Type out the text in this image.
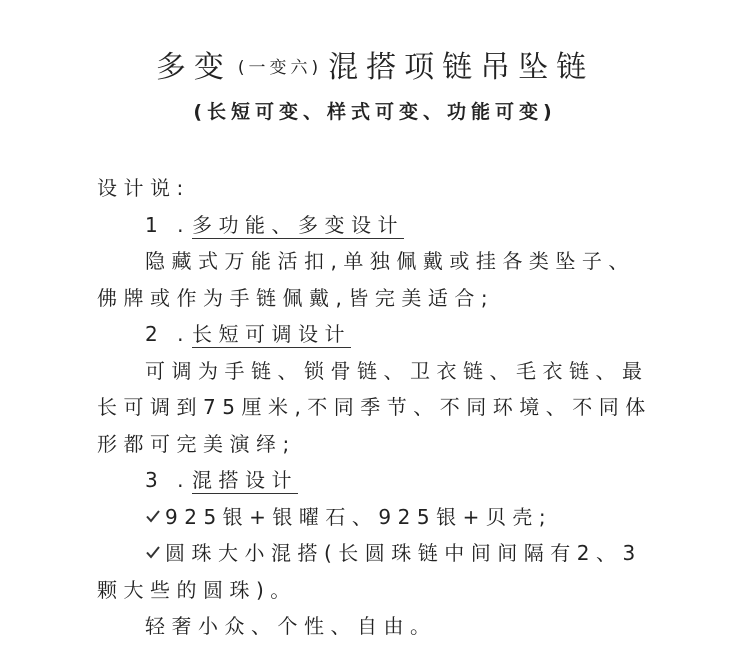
多变 (一变六) 混搭项链吊坠链
(长短可变、样式可变、功能可变)
设计说:
1 . 多功能、多变设计
隐藏式万能活扣,单独佩戴或挂各类坠子、
佛牌或作为手链佩戴,皆完美适合;
2 . 长短可调设计
可调为手链、锁骨链、卫衣链、毛衣链、最
长可调到75厘米,不同季节、不同环境、不同体
形都可完美演绎;
3 . 混搭设计
925银+银曜石、925银+贝壳;
圆珠大小混搭(长圆珠链中间间隔有2、3
颗大些的圆珠)。
轻奢小众、个性、自由。
